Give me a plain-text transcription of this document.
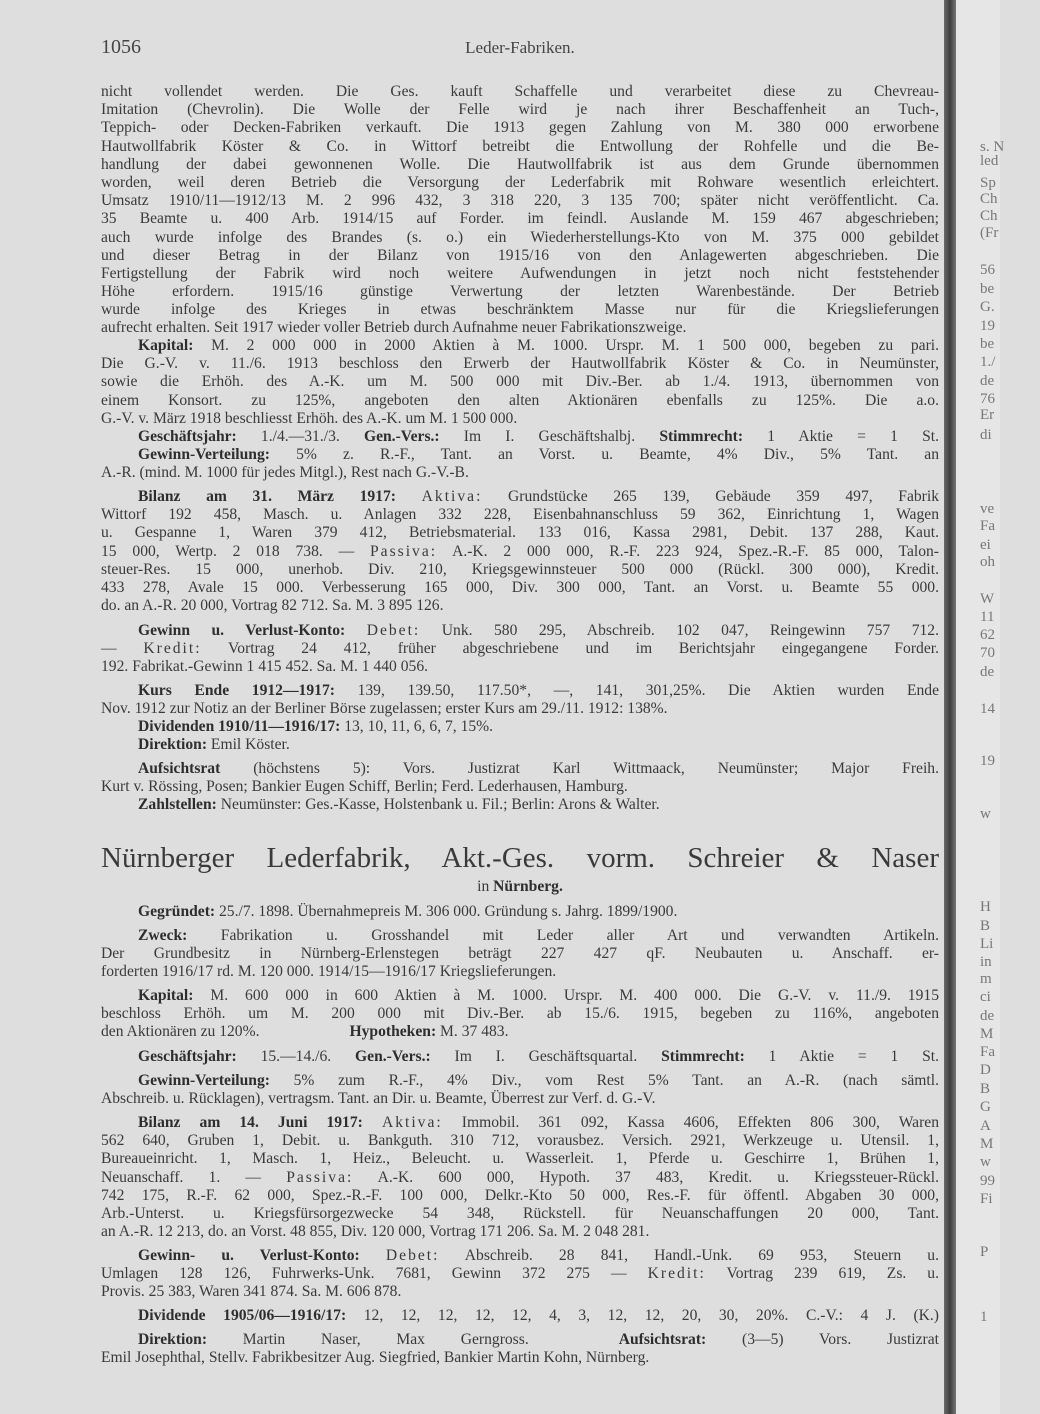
1056	Leder-Fabriken.
nicht vollendet werden. Die Ges. kauft Schaffelle und verarbeitet diese zu Chevreau-
Imitation (Chevrolin). Die Wolle der Felle wird je nach ihrer Beschaffenheit an Tuch-,
Teppich- oder Decken-Fabriken verkauft. Die 1913 gegen Zahlung von M. 380 000 erworbene
Hautwollfabrik Köster & Co. in Wittorf betreibt die Entwollung der Rohfelle und die Be-
handlung der dabei gewonnenen Wolle. Die Hautwollfabrik ist aus dem Grunde übernommen
worden, weil deren Betrieb die Versorgung der Lederfabrik mit Rohware wesentlich erleichtert.
Umsatz 1910/11—1912/13 M. 2 996 432, 3 318 220, 3 135 700; später nicht veröffentlicht. Ca.
35 Beamte u. 400 Arb. 1914/15 auf Forder. im feindl. Auslande M. 159 467 abgeschrieben;
auch wurde infolge des Brandes (s. o.) ein Wiederherstellungs-Kto von M. 375 000 gebildet
und dieser Betrag in der Bilanz von 1915/16 von den Anlagewerten abgeschrieben. Die
Fertigstellung der Fabrik wird noch weitere Aufwendungen in jetzt noch nicht feststehender
Höhe erfordern. 1915/16 günstige Verwertung der letzten Warenbestände. Der Betrieb
wurde infolge des Krieges in etwas beschränktem Masse nur für die Kriegslieferungen
aufrecht erhalten. Seit 1917 wieder voller Betrieb durch Aufnahme neuer Fabrikationszweige.
Kapital: M. 2 000 000 in 2000 Aktien à M. 1000. Urspr. M. 1 500 000, begeben zu pari.
Die G.-V. v. 11./6. 1913 beschloss den Erwerb der Hautwollfabrik Köster & Co. in Neumünster,
sowie die Erhöh. des A.-K. um M. 500 000 mit Div.-Ber. ab 1./4. 1913, übernommen von
einem Konsort. zu 125%, angeboten den alten Aktionären ebenfalls zu 125%. Die a.o.
G.-V. v. März 1918 beschliesst Erhöh. des A.-K. um M. 1 500 000.
Geschäftsjahr: 1./4.—31./3. Gen.-Vers.: Im I. Geschäftshalbj. Stimmrecht: 1 Aktie = 1 St.
Gewinn-Verteilung: 5% z. R.-F., Tant. an Vorst. u. Beamte, 4% Div., 5% Tant. an
A.-R. (mind. M. 1000 für jedes Mitgl.), Rest nach G.-V.-B.
Bilanz am 31. März 1917: Aktiva: Grundstücke 265 139, Gebäude 359 497, Fabrik
Wittorf 192 458, Masch. u. Anlagen 332 228, Eisenbahnanschluss 59 362, Einrichtung 1, Wagen
u. Gespanne 1, Waren 379 412, Betriebsmaterial. 133 016, Kassa 2981, Debit. 137 288, Kaut.
15 000, Wertp. 2 018 738. — Passiva: A.-K. 2 000 000, R.-F. 223 924, Spez.-R.-F. 85 000, Talon-
steuer-Res. 15 000, unerhob. Div. 210, Kriegsgewinnsteuer 500 000 (Rückl. 300 000), Kredit.
433 278, Avale 15 000. Verbesserung 165 000, Div. 300 000, Tant. an Vorst. u. Beamte 55 000.
do. an A.-R. 20 000, Vortrag 82 712. Sa. M. 3 895 126.
Gewinn u. Verlust-Konto: Debet: Unk. 580 295, Abschreib. 102 047, Reingewinn 757 712.
— Kredit: Vortrag 24 412, früher abgeschriebene und im Berichtsjahr eingegangene Forder.
192. Fabrikat.-Gewinn 1 415 452. Sa. M. 1 440 056.
Kurs Ende 1912—1917: 139, 139.50, 117.50*, —, 141, 301,25%. Die Aktien wurden Ende
Nov. 1912 zur Notiz an der Berliner Börse zugelassen; erster Kurs am 29./11. 1912: 138%.
Dividenden 1910/11—1916/17: 13, 10, 11, 6, 6, 7, 15%.
Direktion: Emil Köster.
Aufsichtsrat (höchstens 5): Vors. Justizrat Karl Wittmaack, Neumünster; Major Freih.
Kurt v. Rössing, Posen; Bankier Eugen Schiff, Berlin; Ferd. Lederhausen, Hamburg.
Zahlstellen: Neumünster: Ges.-Kasse, Holstenbank u. Fil.; Berlin: Arons & Walter.
Gegründet: 25./7. 1898. Übernahmepreis M. 306 000. Gründung s. Jahrg. 1899/1900.
Zweck: Fabrikation u. Grosshandel mit Leder aller Art und verwandten Artikeln.
Der Grundbesitz in Nürnberg-Erlenstegen beträgt 227 427 qF. Neubauten u. Anschaff. er-
forderten 1916/17 rd. M. 120 000. 1914/15—1916/17 Kriegslieferungen.
Kapital: M. 600 000 in 600 Aktien à M. 1000. Urspr. M. 400 000. Die G.-V. v. 11./9. 1915
beschloss Erhöh. um M. 200 000 mit Div.-Ber. ab 15./6. 1915, begeben zu 116%, angeboten
den Aktionären zu 120%.	Hypotheken: M. 37 483.
Geschäftsjahr: 15.—14./6. Gen.-Vers.: Im I. Geschäftsquartal. Stimmrecht: 1 Aktie = 1 St.
Gewinn-Verteilung: 5% zum R.-F., 4% Div., vom Rest 5% Tant. an A.-R. (nach sämtl.
Abschreib. u. Rücklagen), vertragsm. Tant. an Dir. u. Beamte, Überrest zur Verf. d. G.-V.
Bilanz am 14. Juni 1917: Aktiva: Immobil. 361 092, Kassa 4606, Effekten 806 300, Waren
562 640, Gruben 1, Debit. u. Bankguth. 310 712, vorausbez. Versich. 2921, Werkzeuge u. Utensil. 1,
Bureaueinricht. 1, Masch. 1, Heiz., Beleucht. u. Wasserleit. 1, Pferde u. Geschirre 1, Brühen 1,
Neuanschaff. 1. — Passiva: A.-K. 600 000, Hypoth. 37 483, Kredit. u. Kriegssteuer-Rückl.
742 175, R.-F. 62 000, Spez.-R.-F. 100 000, Delkr.-Kto 50 000, Res.-F. für öffentl. Abgaben 30 000,
Arb.-Unterst. u. Kriegsfürsorgezwecke 54 348, Rückstell. für Neuanschaffungen 20 000, Tant.
an A.-R. 12 213, do. an Vorst. 48 855, Div. 120 000, Vortrag 171 206. Sa. M. 2 048 281.
Gewinn- u. Verlust-Konto: Debet: Abschreib. 28 841, Handl.-Unk. 69 953, Steuern u.
Umlagen 128 126, Fuhrwerks-Unk. 7681, Gewinn 372 275 — Kredit: Vortrag 239 619, Zs. u.
Provis. 25 383, Waren 341 874. Sa. M. 606 878.
Dividende 1905/06—1916/17: 12, 12, 12, 12, 12, 4, 3, 12, 12, 20, 30, 20%. C.-V.: 4 J. (K.)
Direktion: Martin Naser, Max Gerngross.	Aufsichtsrat: (3—5) Vors. Justizrat
Emil Josephthal, Stellv. Fabrikbesitzer Aug. Siegfried, Bankier Martin Kohn, Nürnberg.
Nürnberger Lederfabrik, Akt.-Ges. vorm. Schreier & Naser
in Nürnberg.
s. N
led
Sp
Ch
Ch
(Fr
56
be
G.
19
be
1./
de
76
Er
di
ve
Fa
ei
oh
W
11
62
70
de
14
19
w
H
B
Li
in
m
ci
de
M
Fa
D
B
G
A
M
w
99
Fi
P
1
